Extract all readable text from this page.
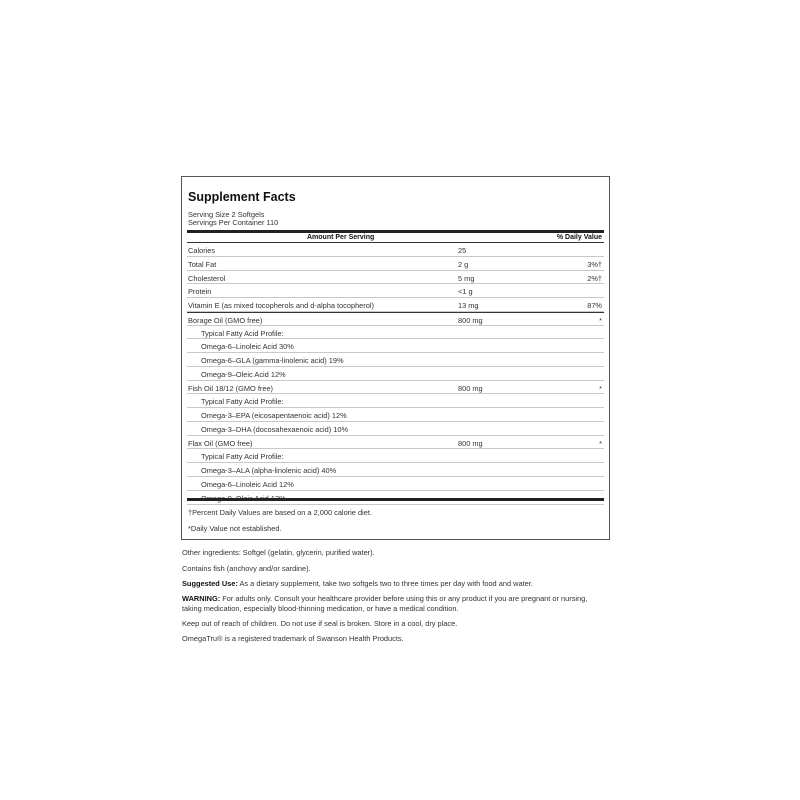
Supplement Facts
Serving Size 2 Softgels
Servings Per Container 110
Amount Per Serving	% Daily Value
Calories	25
Total Fat	2 g	3%†
Cholesterol	5 mg	2%†
Protein	<1 g
Vitamin E (as mixed tocopherols and d-alpha tocopherol)	13 mg	87%
Borage Oil (GMO free)	800 mg	*
Typical Fatty Acid Profile:
Omega-6–Linoleic Acid 30%
Omega-6–GLA (gamma-linolenic acid) 19%
Omega-9–Oleic Acid 12%
Fish Oil 18/12 (GMO free)	800 mg	*
Typical Fatty Acid Profile:
Omega-3–EPA (eicosapentaenoic acid) 12%
Omega-3–DHA (docosahexaenoic acid) 10%
Flax Oil (GMO free)	800 mg	*
Typical Fatty Acid Profile:
Omega-3–ALA (alpha-linolenic acid) 40%
Omega-6–Linoleic Acid 12%
†Percent Daily Values are based on a 2,000 calorie diet.
*Daily Value not established.
Other ingredients: Softgel (gelatin, glycerin, purified water).
Contains fish (anchovy and/or sardine).
Suggested Use: As a dietary supplement, take two softgels two to three times per day with food and water.
WARNING: For adults only. Consult your healthcare provider before using this or any product if you are pregnant or nursing, taking medication, especially blood-thinning medication, or have a medical condition.
Keep out of reach of children. Do not use if seal is broken. Store in a cool, dry place.
OmegaTru® is a registered trademark of Swanson Health Products.
